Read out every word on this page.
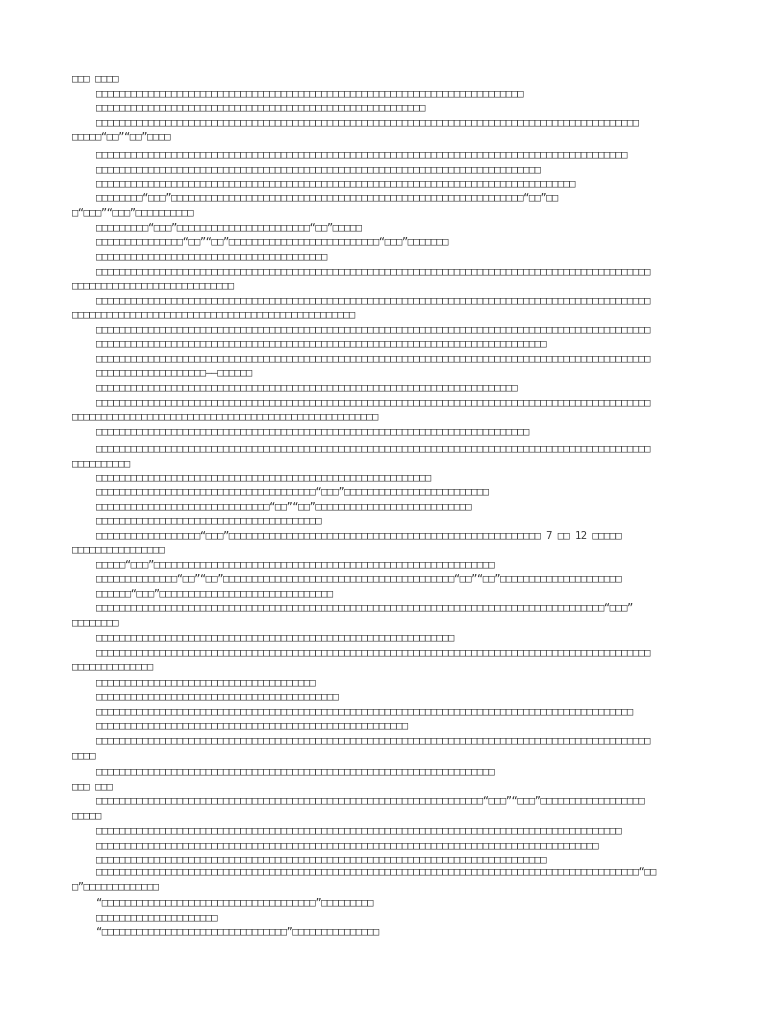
□□□ □□□□
□□□□□□□□□□□□□□□□□□□□□□□□□□□□□□□□□□□□□□□□□□□□□□□□□□□□□□□□□□□□□□□□□□□□□□□□□□
□□□□□□□□□□□□□□□□□□□□□□□□□□□□□□□□□□□□□□□□□□□□□□□□□□□□□□□□□
□□□□□□□□□□□□□□□□□□□□□□□□□□□□□□□□□□□□□□□□□□□□□□□□□□□□□□□□□□□□□□□□□□□□□□□□□□□□□□□□□□□□□□□□□□□□□□
□□□□□“□□”“□□”□□□□
□□□□□□□□□□□□□□□□□□□□□□□□□□□□□□□□□□□□□□□□□□□□□□□□□□□□□□□□□□□□□□□□□□□□□□□□□□□□□□□□□□□□□□□□□□□□
□□□□□□□□□□□□□□□□□□□□□□□□□□□□□□□□□□□□□□□□□□□□□□□□□□□□□□□□□□□□□□□□□□□□□□□□□□□□□
□□□□□□□□□□□□□□□□□□□□□□□□□□□□□□□□□□□□□□□□□□□□□□□□□□□□□□□□□□□□□□□□□□□□□□□□□□□□□□□□□□□
□□□□□□□□“□□□”□□□□□□□□□□□□□□□□□□□□□□□□□□□□□□□□□□□□□□□□□□□□□□□□□□□□□□□□□□□□□“□□”□□
□“□□□”“□□□”□□□□□□□□□□
□□□□□□□□□“□□□”□□□□□□□□□□□□□□□□□□□□□□□“□□”□□□□□
□□□□□□□□□□□□□□□“□□”“□□”□□□□□□□□□□□□□□□□□□□□□□□□□□“□□□”□□□□□□□
□□□□□□□□□□□□□□□□□□□□□□□□□□□□□□□□□□□□□□□□
□□□□□□□□□□□□□□□□□□□□□□□□□□□□□□□□□□□□□□□□□□□□□□□□□□□□□□□□□□□□□□□□□□□□□□□□□□□□□□□□□□□□□□□□□□□□□□□□
□□□□□□□□□□□□□□□□□□□□□□□□□□□□
□□□□□□□□□□□□□□□□□□□□□□□□□□□□□□□□□□□□□□□□□□□□□□□□□□□□□□□□□□□□□□□□□□□□□□□□□□□□□□□□□□□□□□□□□□□□□□□□
□□□□□□□□□□□□□□□□□□□□□□□□□□□□□□□□□□□□□□□□□□□□□□□□□
□□□□□□□□□□□□□□□□□□□□□□□□□□□□□□□□□□□□□□□□□□□□□□□□□□□□□□□□□□□□□□□□□□□□□□□□□□□□□□□□□□□□□□□□□□□□□□□□
□□□□□□□□□□□□□□□□□□□□□□□□□□□□□□□□□□□□□□□□□□□□□□□□□□□□□□□□□□□□□□□□□□□□□□□□□□□□□□
□□□□□□□□□□□□□□□□□□□□□□□□□□□□□□□□□□□□□□□□□□□□□□□□□□□□□□□□□□□□□□□□□□□□□□□□□□□□□□□□□□□□□□□□□□□□□□□□
□□□□□□□□□□□□□□□□□□□——□□□□□□
□□□□□□□□□□□□□□□□□□□□□□□□□□□□□□□□□□□□□□□□□□□□□□□□□□□□□□□□□□□□□□□□□□□□□□□□□
□□□□□□□□□□□□□□□□□□□□□□□□□□□□□□□□□□□□□□□□□□□□□□□□□□□□□□□□□□□□□□□□□□□□□□□□□□□□□□□□□□□□□□□□□□□□□□□□
□□□□□□□□□□□□□□□□□□□□□□□□□□□□□□□□□□□□□□□□□□□□□□□□□□□□□
□□□□□□□□□□□□□□□□□□□□□□□□□□□□□□□□□□□□□□□□□□□□□□□□□□□□□□□□□□□□□□□□□□□□□□□□□□□
□□□□□□□□□□□□□□□□□□□□□□□□□□□□□□□□□□□□□□□□□□□□□□□□□□□□□□□□□□□□□□□□□□□□□□□□□□□□□□□□□□□□□□□□□□□□□□□□
□□□□□□□□□□
□□□□□□□□□□□□□□□□□□□□□□□□□□□□□□□□□□□□□□□□□□□□□□□□□□□□□□□□□□
□□□□□□□□□□□□□□□□□□□□□□□□□□□□□□□□□□□□□□“□□□”□□□□□□□□□□□□□□□□□□□□□□□□□
□□□□□□□□□□□□□□□□□□□□□□□□□□□□□□“□□”“□□”□□□□□□□□□□□□□□□□□□□□□□□□□□□
□□□□□□□□□□□□□□□□□□□□□□□□□□□□□□□□□□□□□□□
□□□□□□□□□□□□□□□□□□“□□□”□□□□□□□□□□□□□□□□□□□□□□□□□□□□□□□□□□□□□□□□□□□□□□□□□□□□□□ 7 □□ 12 □□□□□
□□□□□□□□□□□□□□□□
□□□□□“□□□”□□□□□□□□□□□□□□□□□□□□□□□□□□□□□□□□□□□□□□□□□□□□□□□□□□□□□□□□□□□
□□□□□□□□□□□□□□“□□”“□□”□□□□□□□□□□□□□□□□□□□□□□□□□□□□□□□□□□□□□□□□“□□”“□□”□□□□□□□□□□□□□□□□□□□□□
□□□□□□“□□□”□□□□□□□□□□□□□□□□□□□□□□□□□□□□□□
□□□□□□□□□□□□□□□□□□□□□□□□□□□□□□□□□□□□□□□□□□□□□□□□□□□□□□□□□□□□□□□□□□□□□□□□□□□□□□□□□□□□□□□□“□□□”
□□□□□□□□
□□□□□□□□□□□□□□□□□□□□□□□□□□□□□□□□□□□□□□□□□□□□□□□□□□□□□□□□□□□□□□
□□□□□□□□□□□□□□□□□□□□□□□□□□□□□□□□□□□□□□□□□□□□□□□□□□□□□□□□□□□□□□□□□□□□□□□□□□□□□□□□□□□□□□□□□□□□□□□□
□□□□□□□□□□□□□□
□□□□□□□□□□□□□□□□□□□□□□□□□□□□□□□□□□□□□□
□□□□□□□□□□□□□□□□□□□□□□□□□□□□□□□□□□□□□□□□□□
□□□□□□□□□□□□□□□□□□□□□□□□□□□□□□□□□□□□□□□□□□□□□□□□□□□□□□□□□□□□□□□□□□□□□□□□□□□□□□□□□□□□□□□□□□□□□
□□□□□□□□□□□□□□□□□□□□□□□□□□□□□□□□□□□□□□□□□□□□□□□□□□□□□□
□□□□□□□□□□□□□□□□□□□□□□□□□□□□□□□□□□□□□□□□□□□□□□□□□□□□□□□□□□□□□□□□□□□□□□□□□□□□□□□□□□□□□□□□□□□□□□□□
□□□□
□□□□□□□□□□□□□□□□□□□□□□□□□□□□□□□□□□□□□□□□□□□□□□□□□□□□□□□□□□□□□□□□□□□□□
□□□ □□□
□□□□□□□□□□□□□□□□□□□□□□□□□□□□□□□□□□□□□□□□□□□□□□□□□□□□□□□□□□□□□□□□□□□“□□□”“□□□”□□□□□□□□□□□□□□□□□□
□□□□□
□□□□□□□□□□□□□□□□□□□□□□□□□□□□□□□□□□□□□□□□□□□□□□□□□□□□□□□□□□□□□□□□□□□□□□□□□□□□□□□□□□□□□□□□□□□
□□□□□□□□□□□□□□□□□□□□□□□□□□□□□□□□□□□□□□□□□□□□□□□□□□□□□□□□□□□□□□□□□□□□□□□□□□□□□□□□□□□□□□□
□□□□□□□□□□□□□□□□□□□□□□□□□□□□□□□□□□□□□□□□□□□□□□□□□□□□□□□□□□□□□□□□□□□□□□□□□□□□□□
□□□□□□□□□□□□□□□□□□□□□□□□□□□□□□□□□□□□□□□□□□□□□□□□□□□□□□□□□□□□□□□□□□□□□□□□□□□□□□□□□□□□□□□□□□□□□□“□□
□”□□□□□□□□□□□□□
“□□□□□□□□□□□□□□□□□□□□□□□□□□□□□□□□□□□□□”□□□□□□□□□
□□□□□□□□□□□□□□□□□□□□□
“□□□□□□□□□□□□□□□□□□□□□□□□□□□□□□□□”□□□□□□□□□□□□□□□
